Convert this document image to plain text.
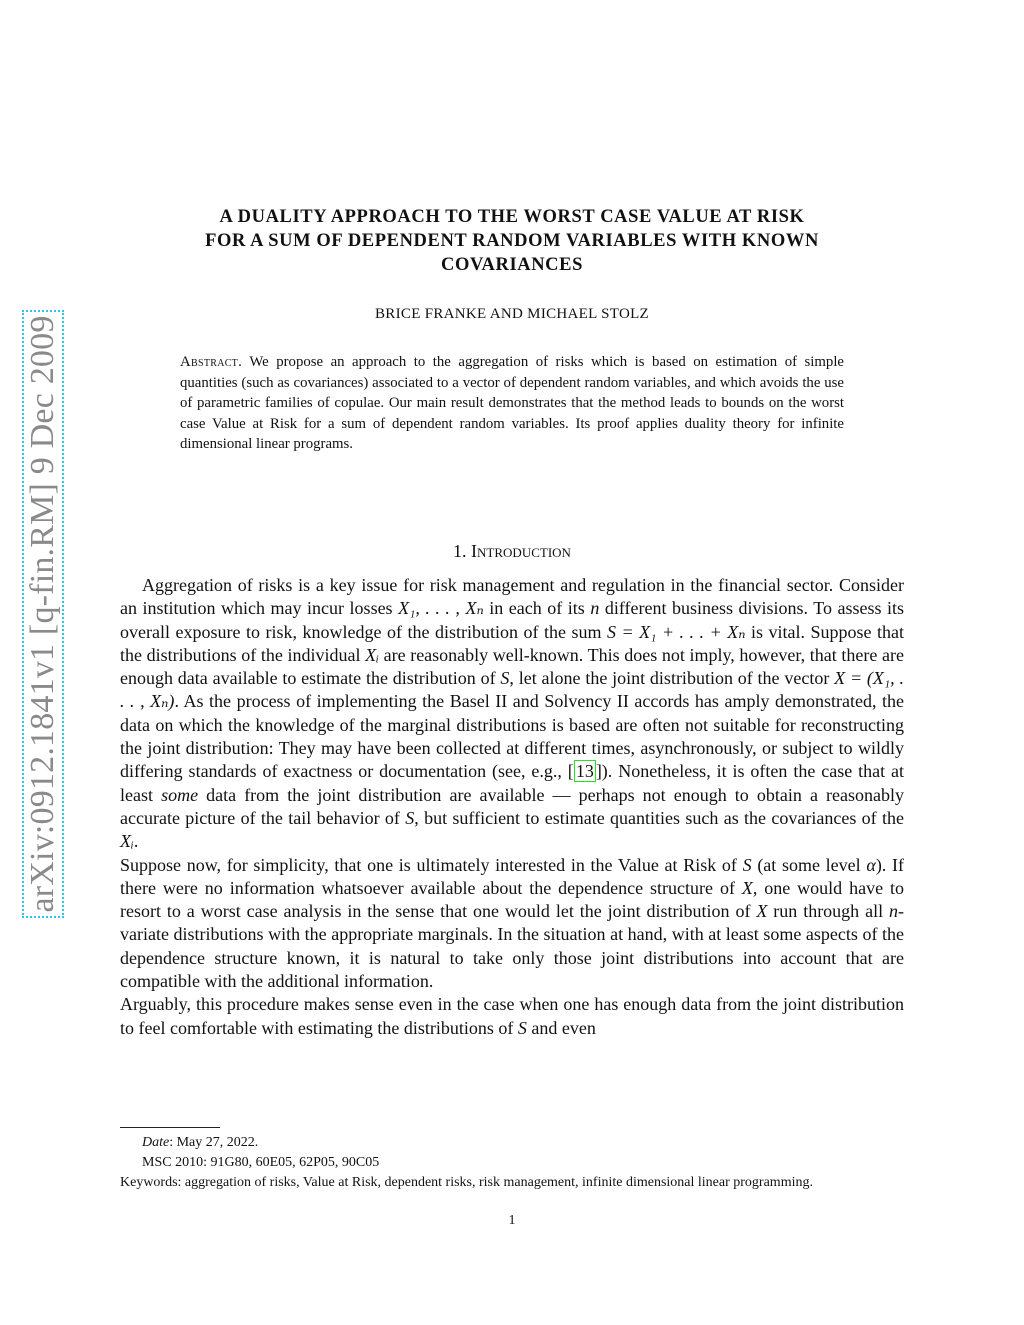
arXiv:0912.1841v1 [q-fin.RM] 9 Dec 2009
A DUALITY APPROACH TO THE WORST CASE VALUE AT RISK
FOR A SUM OF DEPENDENT RANDOM VARIABLES WITH KNOWN
COVARIANCES
BRICE FRANKE AND MICHAEL STOLZ
Abstract. We propose an approach to the aggregation of risks which is based on estimation of simple quantities (such as covariances) associated to a vector of dependent random variables, and which avoids the use of parametric families of copulae. Our main result demonstrates that the method leads to bounds on the worst case Value at Risk for a sum of dependent random variables. Its proof applies duality theory for infinite dimensional linear programs.
1. Introduction

Aggregation of risks is a key issue for risk management and regulation in the financial sector. Consider an institution which may incur losses X₁, . . . , Xₙ in each of its n different business divisions. To assess its overall exposure to risk, knowledge of the distribution of the sum S = X₁ + . . . + Xₙ is vital. Suppose that the distributions of the individual Xᵢ are reasonably well-known. This does not imply, however, that there are enough data available to estimate the distribution of S, let alone the joint distribution of the vector X = (X₁, . . . , Xₙ). As the process of implementing the Basel II and Solvency II accords has amply demonstrated, the data on which the knowledge of the marginal distributions is based are often not suitable for reconstructing the joint distribution: They may have been collected at different times, asynchronously, or subject to wildly differing standards of exactness or documentation (see, e.g., [ 13 ]). Nonetheless, it is often the case that at least some data from the joint distribution are available — perhaps not enough to obtain a reasonably accurate picture of the tail behavior of S, but sufficient to estimate quantities such as the covariances of the Xᵢ.

Suppose now, for simplicity, that one is ultimately interested in the Value at Risk of S (at some level α). If there were no information whatsoever available about the dependence structure of X, one would have to resort to a worst case analysis in the sense that one would let the joint distribution of X run through all n-variate distributions with the appropriate marginals. In the situation at hand, with at least some aspects of the dependence structure known, it is natural to take only those joint distributions into account that are compatible with the additional information.

Arguably, this procedure makes sense even in the case when one has enough data from the joint distribution to feel comfortable with estimating the distributions of S and even

Date: May 27, 2022.
MSC 2010: 91G80, 60E05, 62P05, 90C05
Keywords: aggregation of risks, Value at Risk, dependent risks, risk management, infinite dimensional linear programming.
1
